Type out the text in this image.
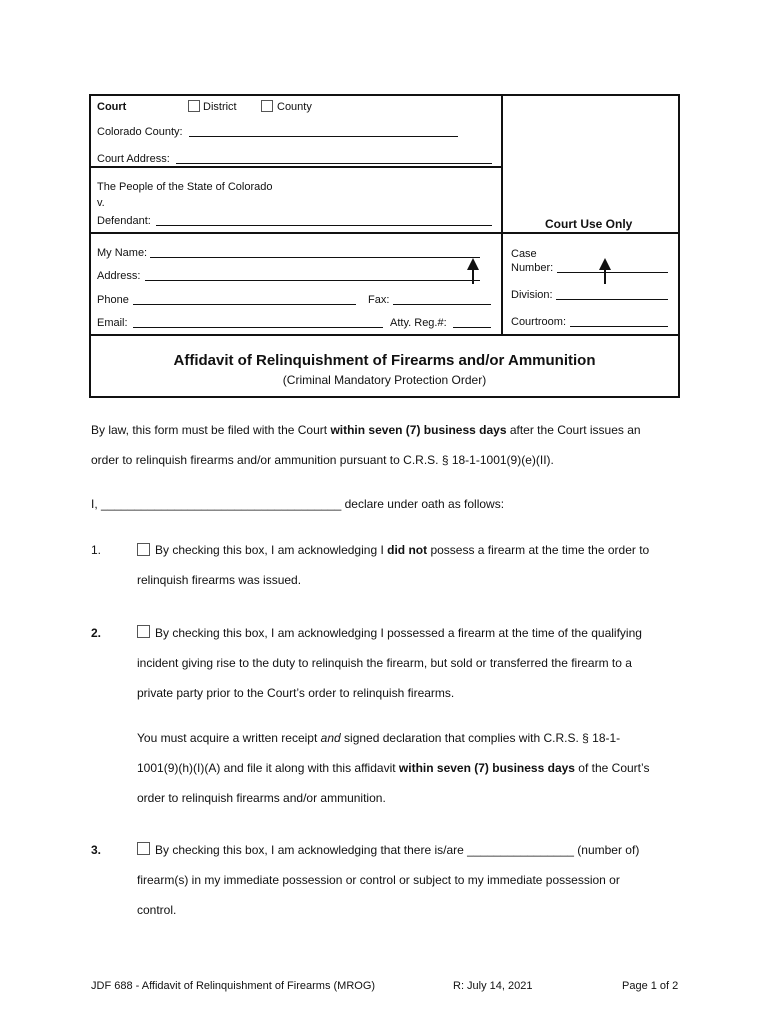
Court	District	County
Colorado County:
Court Address:
The People of the State of Colorado
v.
Defendant:	Court Use Only
My Name:
Address:
Phone	Fax:
Email:	Atty. Reg.#:
Case
Number:
Division:
Courtroom:
Affidavit of Relinquishment of Firearms and/or Ammunition
(Criminal Mandatory Protection Order)
By law, this form must be filed with the Court within seven (7) business days after the Court issues an
order to relinquish firearms and/or ammunition pursuant to C.R.S. § 18-1-1001(9)(e)(II).
I, ____________________________________ declare under oath as follows:
1.	By checking this box, I am acknowledging I did not possess a firearm at the time the order to
relinquish firearms was issued.
2.	By checking this box, I am acknowledging I possessed a firearm at the time of the qualifying
incident giving rise to the duty to relinquish the firearm, but sold or transferred the firearm to a
private party prior to the Court’s order to relinquish firearms.
You must acquire a written receipt and signed declaration that complies with C.R.S. § 18-1-
1001(9)(h)(I)(A) and file it along with this affidavit within seven (7) business days of the Court’s
order to relinquish firearms and/or ammunition.
3.	By checking this box, I am acknowledging that there is/are ________________ (number of)
firearm(s) in my immediate possession or control or subject to my immediate possession or
control.
JDF 688 - Affidavit of Relinquishment of Firearms (MROG)	R: July 14, 2021	Page 1 of 2
